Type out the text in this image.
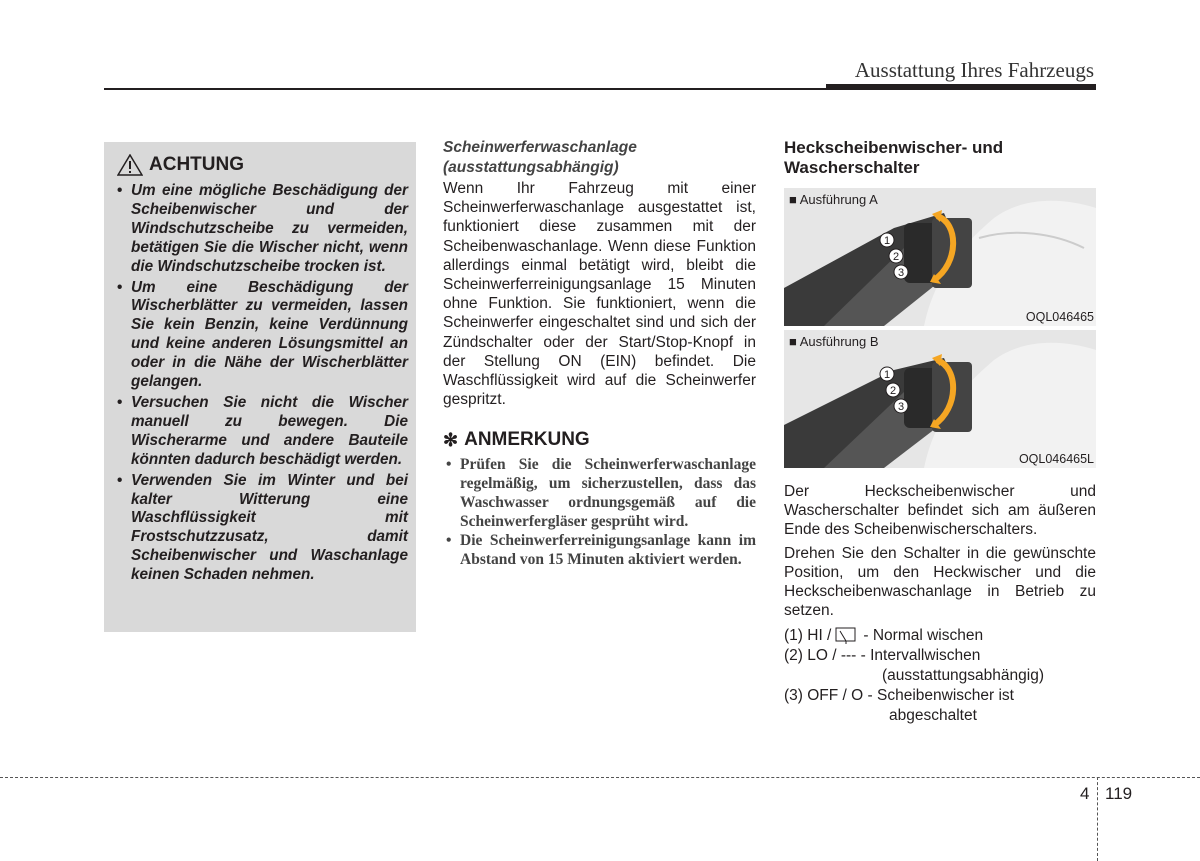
Ausstattung Ihres Fahrzeugs
ACHTUNG
• Um eine mögliche Beschädigung der Scheibenwischer und der Windschutzscheibe zu vermeiden, betätigen Sie die Wischer nicht, wenn die Windschutzscheibe trocken ist.
• Um eine Beschädigung der Wischerblätter zu vermeiden, lassen Sie kein Benzin, keine Verdünnung und keine anderen Lösungsmittel an oder in die Nähe der Wischerblätter gelangen.
• Versuchen Sie nicht die Wischer manuell zu bewegen. Die Wischerarme und andere Bauteile könnten dadurch beschädigt werden.
• Verwenden Sie im Winter und bei kalter Witterung eine Waschflüssigkeit mit Frostschutzzusatz, damit Scheibenwischer und Waschanlage keinen Schaden nehmen.
Scheinwerferwaschanlage
(ausstattungsabhängig)
Wenn Ihr Fahrzeug mit einer Scheinwerferwaschanlage ausgestattet ist, funktioniert diese zusammen mit der Scheibenwaschanlage. Wenn diese Funktion allerdings einmal betätigt wird, bleibt die Scheinwerferreinigungsanlage 15 Minuten ohne Funktion. Sie funktioniert, wenn die Scheinwerfer eingeschaltet sind und sich der Zündschalter oder der Start/Stop-Knopf in der Stellung ON (EIN) befindet. Die Waschflüssigkeit wird auf die Scheinwerfer gespritzt.
✻ ANMERKUNG
• Prüfen Sie die Scheinwerferwaschanlage regelmäßig, um sicherzustellen, dass das Waschwasser ordnungsgemäß auf die Scheinwerfergläser gesprüht wird.
• Die Scheinwerferreinigungsanlage kann im Abstand von 15 Minuten aktiviert werden.
Heckscheibenwischer- und
Wascherschalter
1
2
3
■ Ausführung A
OQL046465
1
2
3
■ Ausführung B
OQL046465L
Der Heckscheibenwischer und Wascherschalter befindet sich am äußeren Ende des Scheibenwischerschalters.
Drehen Sie den Schalter in die gewünschte Position, um den Heckwischer und die Heckscheibenwaschanlage in Betrieb zu setzen.
(1) HI / - Normal wischen
(2) LO / --- - Intervallwischen
(ausstattungsabhängig)
(3) OFF / O - Scheibenwischer ist
abgeschaltet
4 119
